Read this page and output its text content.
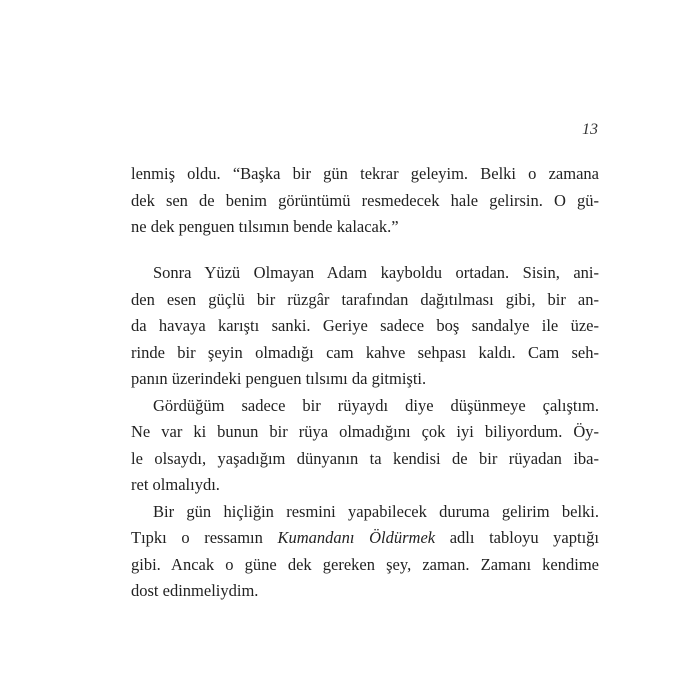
13
lenmiş oldu. “Başka bir gün tekrar geleyim. Belki o zamana
dek sen de benim görüntümü resmedecek hale gelirsin. O gü-
ne dek penguen tılsımın bende kalacak.”
Sonra Yüzü Olmayan Adam kayboldu ortadan. Sisin, ani-
den esen güçlü bir rüzgâr tarafından dağıtılması gibi, bir an-
da havaya karıştı sanki. Geriye sadece boş sandalye ile üze-
rinde bir şeyin olmadığı cam kahve sehpası kaldı. Cam seh-
panın üzerindeki penguen tılsımı da gitmişti.
Gördüğüm sadece bir rüyaydı diye düşünmeye çalıştım.
Ne var ki bunun bir rüya olmadığını çok iyi biliyordum. Öy-
le olsaydı, yaşadığım dünyanın ta kendisi de bir rüyadan iba-
ret olmalıydı.
Bir gün hiçliğin resmini yapabilecek duruma gelirim belki.
Tıpkı o ressamın Kumandanı Öldürmek adlı tabloyu yaptığı
gibi. Ancak o güne dek gereken şey, zaman. Zamanı kendime
dost edinmeliydim.
